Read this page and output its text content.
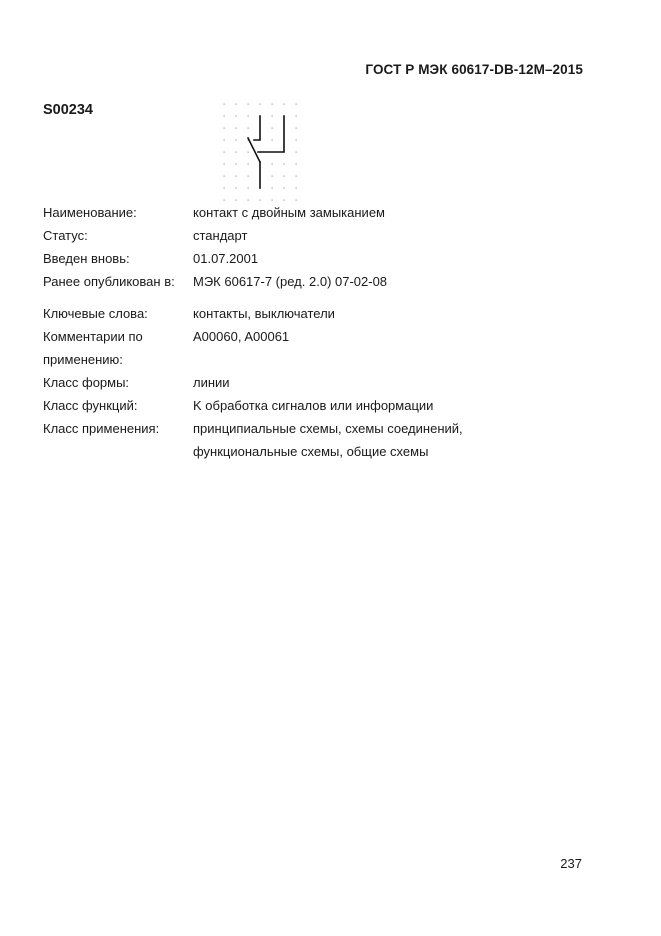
ГОСТ Р МЭК 60617-DB-12M–2015
S00234
Наименование:	контакт с двойным замыканием
Статус:	стандарт
Введен вновь:	01.07.2001
Ранее опубликован в:	МЭК 60617-7 (ред. 2.0) 07-02-08
Ключевые слова:	контакты, выключатели
Комментарии по	A00060, A00061
применению:
Класс формы:	линии
Класс функций:	K обработка сигналов или информации
Класс применения:	принципиальные схемы, схемы соединений,
функциональные схемы, общие схемы
237
